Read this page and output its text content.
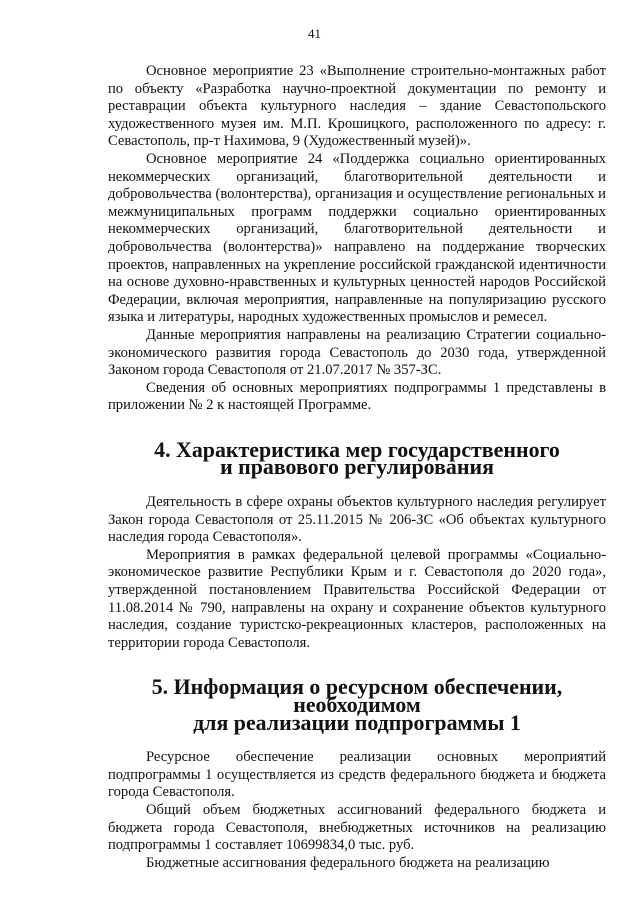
41

Основное мероприятие 23 «Выполнение строительно-монтажных работ по объекту «Разработка научно-проектной документации по ремонту и реставрации объекта культурного наследия – здание Севастопольского художественного музея им. М.П. Крошицкого, расположенного по адресу: г. Севастополь, пр-т Нахимова, 9 (Художественный музей)».

Основное мероприятие 24 «Поддержка социально ориентированных некоммерческих организаций, благотворительной деятельности и добровольчества (волонтерства), организация и осуществление региональных и межмуниципальных программ поддержки социально ориентированных некоммерческих организаций, благотворительной деятельности и добровольчества (волонтерства)» направлено на поддержание творческих проектов, направленных на укрепление российской гражданской идентичности на основе духовно-нравственных и культурных ценностей народов Российской Федерации, включая мероприятия, направленные на популяризацию русского языка и литературы, народных художественных промыслов и ремесел.

Данные мероприятия направлены на реализацию Стратегии социально-экономического развития города Севастополь до 2030 года, утвержденной Законом города Севастополя от 21.07.2017 № 357-ЗС.

Сведения об основных мероприятиях подпрограммы 1 представлены в приложении № 2 к настоящей Программе.

4. Характеристика мер государственного
и правового регулирования

Деятельность в сфере охраны объектов культурного наследия регулирует Закон города Севастополя от 25.11.2015 № 206-ЗС «Об объектах культурного наследия города Севастополя».

Мероприятия в рамках федеральной целевой программы «Социально-экономическое развитие Республики Крым и г. Севастополя до 2020 года», утвержденной постановлением Правительства Российской Федерации от 11.08.2014 № 790, направлены на охрану и сохранение объектов культурного наследия, создание туристско-рекреационных кластеров, расположенных на территории города Севастополя.

5. Информация о ресурсном обеспечении, необходимом
для реализации подпрограммы 1

Ресурсное обеспечение реализации основных мероприятий подпрограммы 1 осуществляется из средств федерального бюджета и бюджета города Севастополя.

Общий объем бюджетных ассигнований федерального бюджета и бюджета города Севастополя, внебюджетных источников на реализацию подпрограммы 1 составляет 10699834,0 тыс. руб.

Бюджетные ассигнования федерального бюджета на реализацию
